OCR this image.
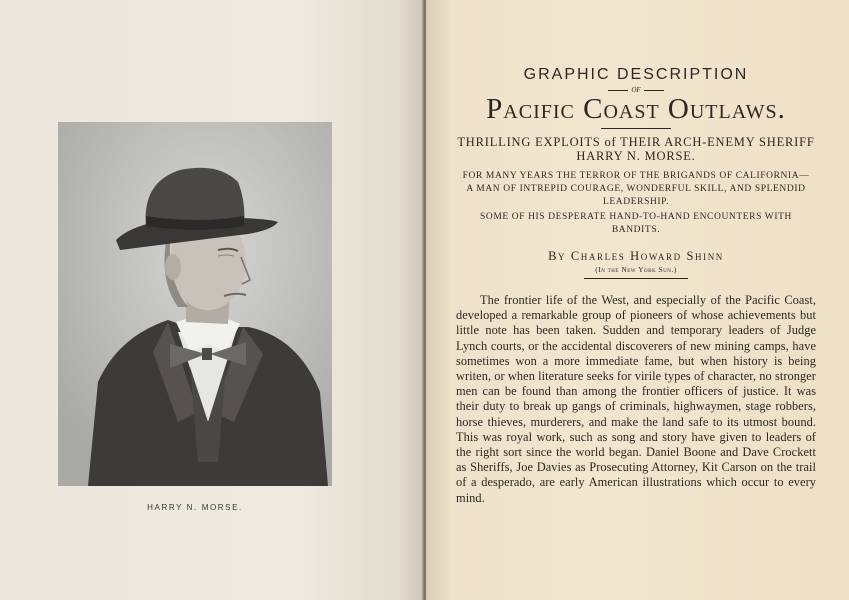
HARRY N. MORSE.
GRAPHIC DESCRIPTION
OF
Pacific Coast Outlaws.
THRILLING EXPLOITS of THEIR ARCH-ENEMY SHERIFF HARRY N. MORSE.
FOR MANY YEARS THE TERROR OF THE BRIGANDS OF CALIFORNIA—A MAN OF INTREPID COURAGE, WONDERFUL SKILL, AND SPLENDID LEADERSHIP.
SOME OF HIS DESPERATE HAND-TO-HAND ENCOUNTERS WITH BANDITS.
By Charles Howard Shinn
(In the New York Sun.)
The frontier life of the West, and especially of the Pacific Coast, developed a remarkable group of pioneers of whose achievements but little note has been taken. Sudden and temporary leaders of Judge Lynch courts, or the accidental discoverers of new mining camps, have sometimes won a more immediate fame, but when history is being writen, or when literature seeks for virile types of character, no stronger men can be found than among the frontier officers of justice. It was their duty to break up gangs of criminals, highwaymen, stage robbers, horse thieves, murderers, and make the land safe to its utmost bound. This was royal work, such as song and story have given to leaders of the right sort since the world began. Daniel Boone and Dave Crockett as Sheriffs, Joe Davies as Prosecuting Attorney, Kit Carson on the trail of a desperado, are early American illustrations which occur to every mind.
